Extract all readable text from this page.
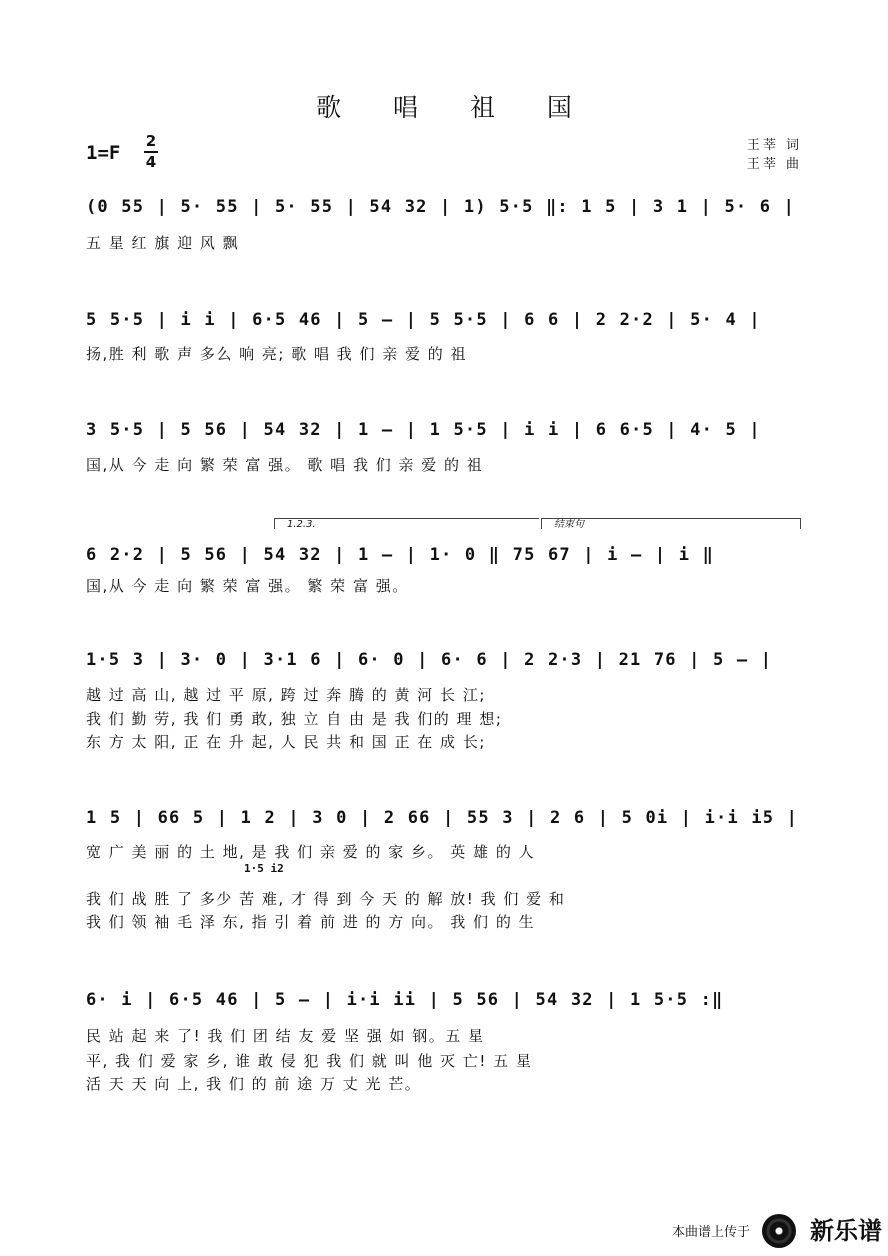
歌 唱 祖 国
1=F
2
4
王莘 词
王莘 曲
(0 55 | 5· 55 | 5· 55 | 54 32 | 1) 5·5 ‖: 1 5 | 3 1 | 5· 6 |
五 星 红 旗 迎 风 飘
5 5·5 | i i | 6·5 46 | 5 – | 5 5·5 | 6 6 | 2 2·2 | 5· 4 |
扬,胜 利 歌 声 多么 响 亮; 歌 唱 我 们 亲 爱 的 祖
3 5·5 | 5 56 | 54 32 | 1 – | 1 5·5 | i i | 6 6·5 | 4· 5 |
国,从 今 走 向 繁 荣 富 强。 歌 唱 我 们 亲 爱 的 祖
1.2.3.	结束句
6 2·2 | 5 56 | 54 32 | 1 – | 1· 0 ‖ 75 67 | i – | i ‖
国,从 今 走 向 繁 荣 富 强。 繁 荣 富 强。
1·5 3 | 3· 0 | 3·1 6 | 6· 0 | 6· 6 | 2 2·3 | 21 76 | 5 – |
越 过 高 山, 越 过 平 原, 跨 过 奔 腾 的 黄 河 长 江;
我 们 勤 劳, 我 们 勇 敢, 独 立 自 由 是 我 们的 理 想;
东 方 太 阳, 正 在 升 起, 人 民 共 和 国 正 在 成 长;
1 5 | 66 5 | 1 2 | 3 0 | 2 66 | 55 3 | 2 6 | 5 0i | i·i i5 |
宽 广 美 丽 的 土 地, 是 我 们 亲 爱 的 家 乡。 英 雄 的 人
1·5 i2
我 们 战 胜 了 多少 苦 难, 才 得 到 今 天 的 解 放! 我 们 爱 和
我 们 领 袖 毛 泽 东, 指 引 着 前 进 的 方 向。 我 们 的 生
6· i | 6·5 46 | 5 – | i·i ii | 5 56 | 54 32 | 1 5·5 :‖
民 站 起 来 了! 我 们 团 结 友 爱 坚 强 如 钢。五 星
平, 我 们 爱 家 乡, 谁 敢 侵 犯 我 们 就 叫 他 灭 亡! 五 星
活 天 天 向 上, 我 们 的 前 途 万 丈 光 芒。
本曲谱上传于	新乐谱
